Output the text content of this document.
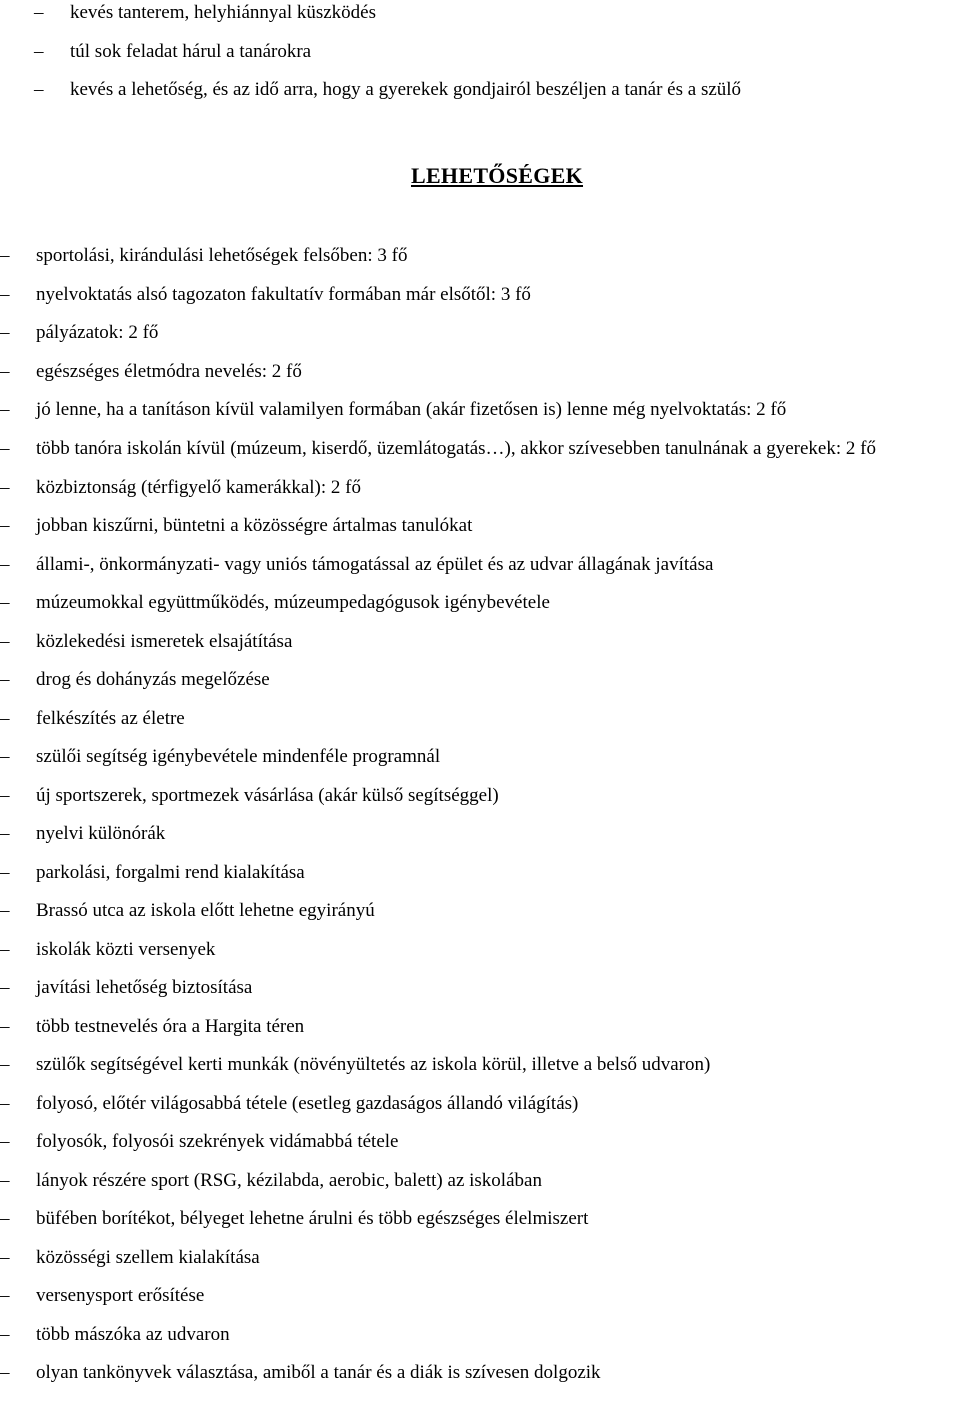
– kevés tanterem, helyhiánnyal küszködés
– túl sok feladat hárul a tanárokra
– kevés a lehetőség, és az idő arra, hogy a gyerekek gondjairól beszéljen a tanár és a szülő
LEHETŐSÉGEK
– sportolási, kirándulási lehetőségek felsőben: 3 fő
– nyelvoktatás alsó tagozaton fakultatív formában már elsőtől: 3 fő
– pályázatok: 2 fő
– egészséges életmódra nevelés: 2 fő
– jó lenne, ha a tanításon kívül valamilyen formában (akár fizetősen is) lenne még nyelvoktatás: 2 fő
– több tanóra iskolán kívül (múzeum, kiserdő, üzemlátogatás…), akkor szívesebben tanulnának a gyerekek: 2 fő
– közbiztonság (térfigyelő kamerákkal): 2 fő
– jobban kiszűrni, büntetni a közösségre ártalmas tanulókat
– állami-, önkormányzati- vagy uniós támogatással az épület és az udvar állagának javítása
– múzeumokkal együttműködés, múzeumpedagógusok igénybevétele
– közlekedési ismeretek elsajátítása
– drog és dohányzás megelőzése
– felkészítés az életre
– szülői segítség igénybevétele mindenféle programnál
– új sportszerek, sportmezek vásárlása (akár külső segítséggel)
– nyelvi különórák
– parkolási, forgalmi rend kialakítása
– Brassó utca az iskola előtt lehetne egyirányú
– iskolák közti versenyek
– javítási lehetőség biztosítása
– több testnevelés óra a Hargita téren
– szülők segítségével kerti munkák (növényültetés az iskola körül, illetve a belső udvaron)
– folyosó, előtér világosabbá tétele (esetleg gazdaságos állandó világítás)
– folyosók, folyosói szekrények vidámabbá tétele
– lányok részére sport (RSG, kézilabda, aerobic, balett) az iskolában
– büfében borítékot, bélyeget lehetne árulni és több egészséges élelmiszert
– közösségi szellem kialakítása
– versenysport erősítése
– több mászóka az udvaron
– olyan tankönyvek választása, amiből a tanár és a diák is szívesen dolgozik
